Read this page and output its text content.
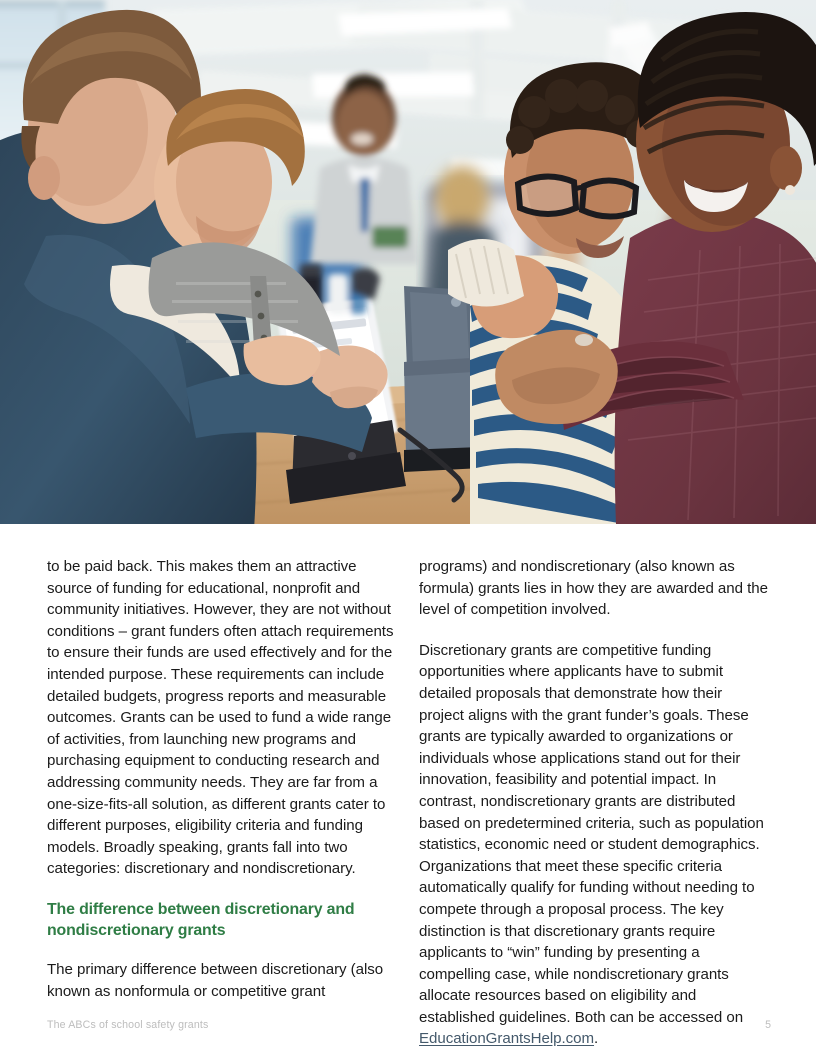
to be paid back. This makes them an attractive source of funding for educational, nonprofit and community initiatives. However, they are not without conditions – grant funders often attach requirements to ensure their funds are used effectively and for the intended purpose. These requirements can include detailed budgets, progress reports and measurable outcomes. Grants can be used to fund a wide range of activities, from launching new programs and purchasing equipment to conducting research and addressing community needs. They are far from a one-size-fits-all solution, as different grants cater to different purposes, eligibility criteria and funding models. Broadly speaking, grants fall into two categories: discretionary and nondiscretionary.

The difference between discretionary and nondiscretionary grants

The primary difference between discretionary (also known as nonformula or competitive grant

programs) and nondiscretionary (also known as formula) grants lies in how they are awarded and the level of competition involved.

Discretionary grants are competitive funding opportunities where applicants have to submit detailed proposals that demonstrate how their project aligns with the grant funder’s goals. These grants are typically awarded to organizations or individuals whose applications stand out for their innovation, feasibility and potential impact. In contrast, nondiscretionary grants are distributed based on predetermined criteria, such as population statistics, economic need or student demographics. Organizations that meet these specific criteria automatically qualify for funding without needing to compete through a proposal process. The key distinction is that discretionary grants require applicants to “win” funding by presenting a compelling case, while nondiscretionary grants allocate resources based on eligibility and established guidelines. Both can be accessed on EducationGrantsHelp.com.

The ABCs of school safety grants	5
